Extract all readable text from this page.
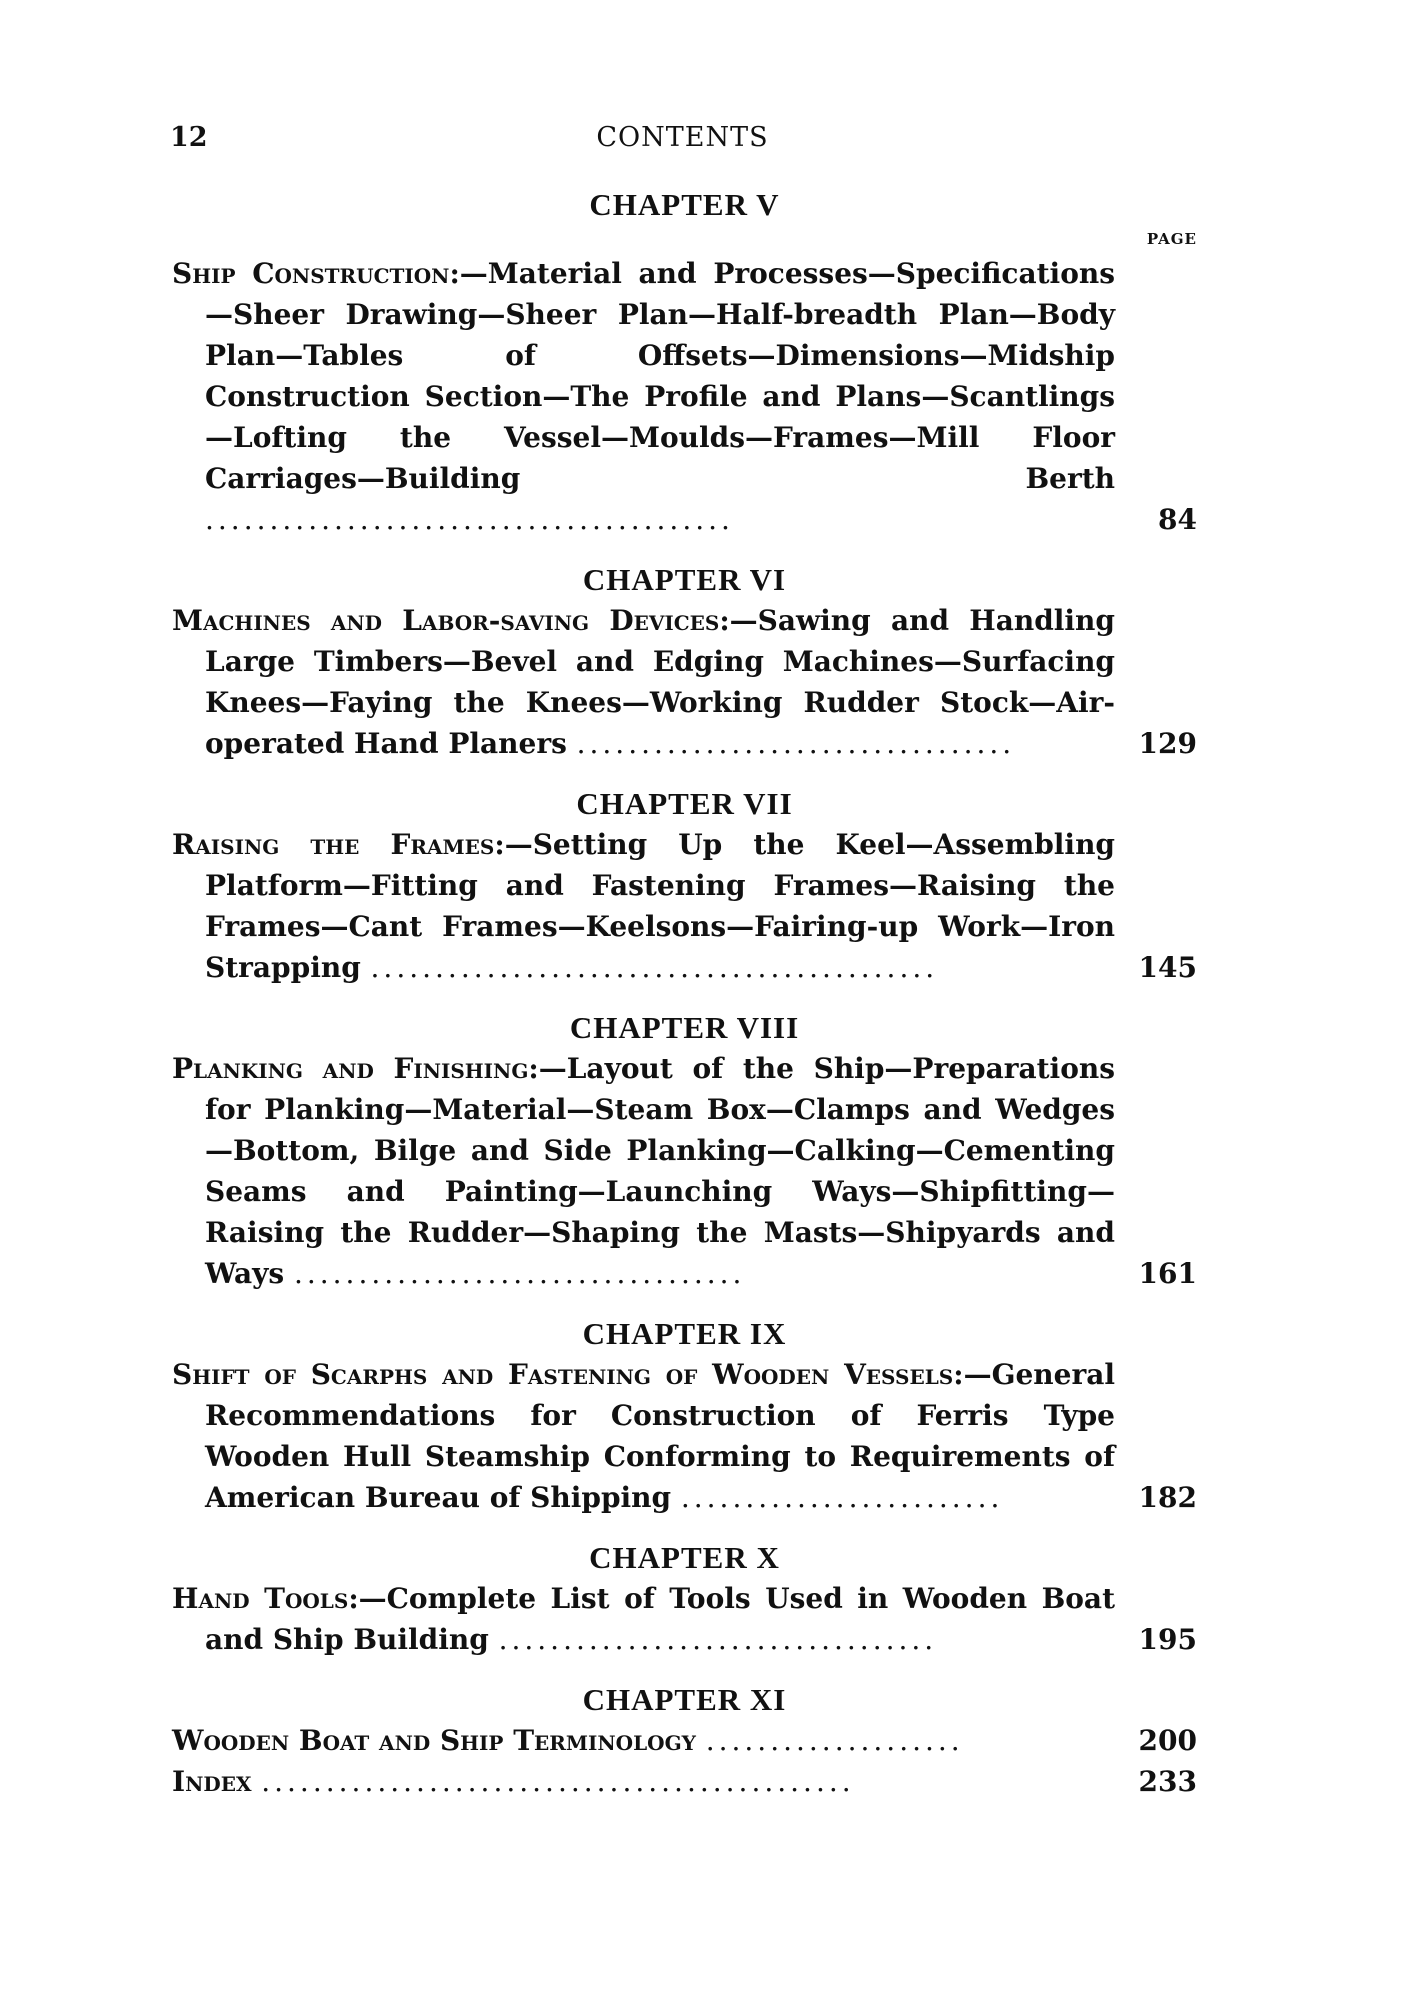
12	CONTENTS
CHAPTER V
PAGE
Ship Construction:—Material and Processes—Specifications—Sheer Drawing—Sheer Plan—Half-breadth Plan—Body Plan—Tables of Offsets—Dimensions—Midship Construction Section—The Profile and Plans—Scantlings—Lofting the Vessel—Moulds—Frames—Mill Floor Carriages—Building Berth .........................................	84
CHAPTER VI
Machines and Labor-saving Devices:—Sawing and Handling Large Timbers—Bevel and Edging Machines—Surfacing Knees—Faying the Knees—Working Rudder Stock—Air-operated Hand Planers ..................................	129
CHAPTER VII
Raising the Frames:—Setting Up the Keel—Assembling Platform—Fitting and Fastening Frames—Raising the Frames—Cant Frames—Keelsons—Fairing-up Work—Iron Strapping ............................................	145
CHAPTER VIII
Planking and Finishing:—Layout of the Ship—Preparations for Planking—Material—Steam Box—Clamps and Wedges—Bottom, Bilge and Side Planking—Calking—Cementing Seams and Painting—Launching Ways—Shipfitting—Raising the Rudder—Shaping the Masts—Shipyards and Ways ...................................	161
CHAPTER IX
Shift of Scarphs and Fastening of Wooden Vessels:—General Recommendations for Construction of Ferris Type Wooden Hull Steamship Conforming to Requirements of American Bureau of Shipping .........................	182
CHAPTER X
Hand Tools:—Complete List of Tools Used in Wooden Boat and Ship Building ..................................	195
CHAPTER XI
Wooden Boat and Ship Terminology ....................	200
Index ..............................................	233
